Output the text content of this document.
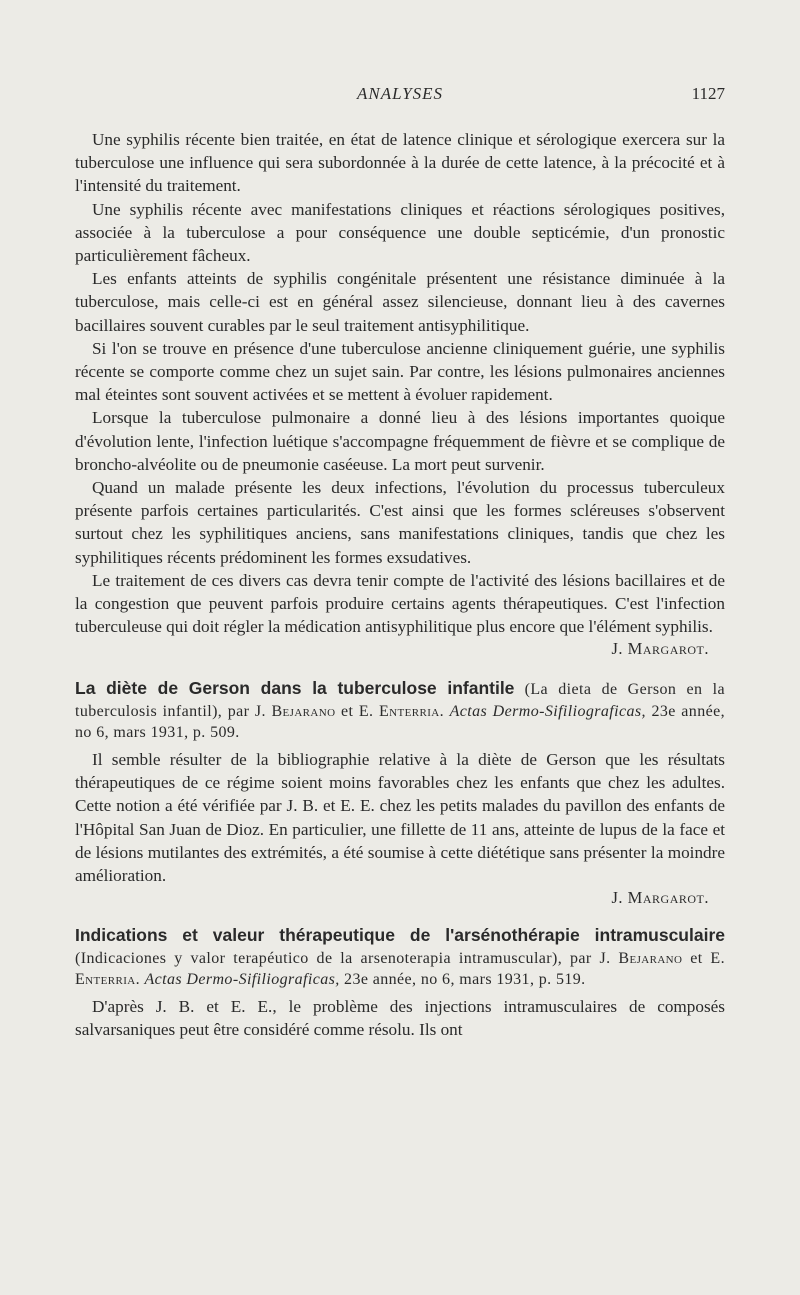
ANALYSES	1127

Une syphilis récente bien traitée, en état de latence clinique et sérologique exercera sur la tuberculose une influence qui sera subordonnée à la durée de cette latence, à la précocité et à l'intensité du traitement.

Une syphilis récente avec manifestations cliniques et réactions sérologiques positives, associée à la tuberculose a pour conséquence une double septicémie, d'un pronostic particulièrement fâcheux.

Les enfants atteints de syphilis congénitale présentent une résistance diminuée à la tuberculose, mais celle-ci est en général assez silencieuse, donnant lieu à des cavernes bacillaires souvent curables par le seul traitement antisyphilitique.

Si l'on se trouve en présence d'une tuberculose ancienne cliniquement guérie, une syphilis récente se comporte comme chez un sujet sain. Par contre, les lésions pulmonaires anciennes mal éteintes sont souvent activées et se mettent à évoluer rapidement.

Lorsque la tuberculose pulmonaire a donné lieu à des lésions importantes quoique d'évolution lente, l'infection luétique s'accompagne fréquemment de fièvre et se complique de broncho-alvéolite ou de pneumonie caséeuse. La mort peut survenir.

Quand un malade présente les deux infections, l'évolution du processus tuberculeux présente parfois certaines particularités. C'est ainsi que les formes scléreuses s'observent surtout chez les syphilitiques anciens, sans manifestations cliniques, tandis que chez les syphilitiques récents prédominent les formes exsudatives.

Le traitement de ces divers cas devra tenir compte de l'activité des lésions bacillaires et de la congestion que peuvent parfois produire certains agents thérapeutiques. C'est l'infection tuberculeuse qui doit régler la médication antisyphilitique plus encore que l'élément syphilis.

J. Margarot.
La diète de Gerson dans la tuberculose infantile (La dieta de Gerson en la tuberculosis infantil), par J. Bejarano et E. Enterria. Actas Dermo-Sifiliograficas, 23e année, no 6, mars 1931, p. 509.

Il semble résulter de la bibliographie relative à la diète de Gerson que les résultats thérapeutiques de ce régime soient moins favorables chez les enfants que chez les adultes. Cette notion a été vérifiée par J. B. et E. E. chez les petits malades du pavillon des enfants de l'Hôpital San Juan de Dioz. En particulier, une fillette de 11 ans, atteinte de lupus de la face et de lésions mutilantes des extrémités, a été soumise à cette diététique sans présenter la moindre amélioration.

J. Margarot.
Indications et valeur thérapeutique de l'arsénothérapie intramusculaire (Indicaciones y valor terapéutico de la arsenoterapia intramuscular), par J. Bejarano et E. Enterria. Actas Dermo-Sifiliograficas, 23e année, no 6, mars 1931, p. 519.

D'après J. B. et E. E., le problème des injections intramusculaires de composés salvarsaniques peut être considéré comme résolu. Ils ont
